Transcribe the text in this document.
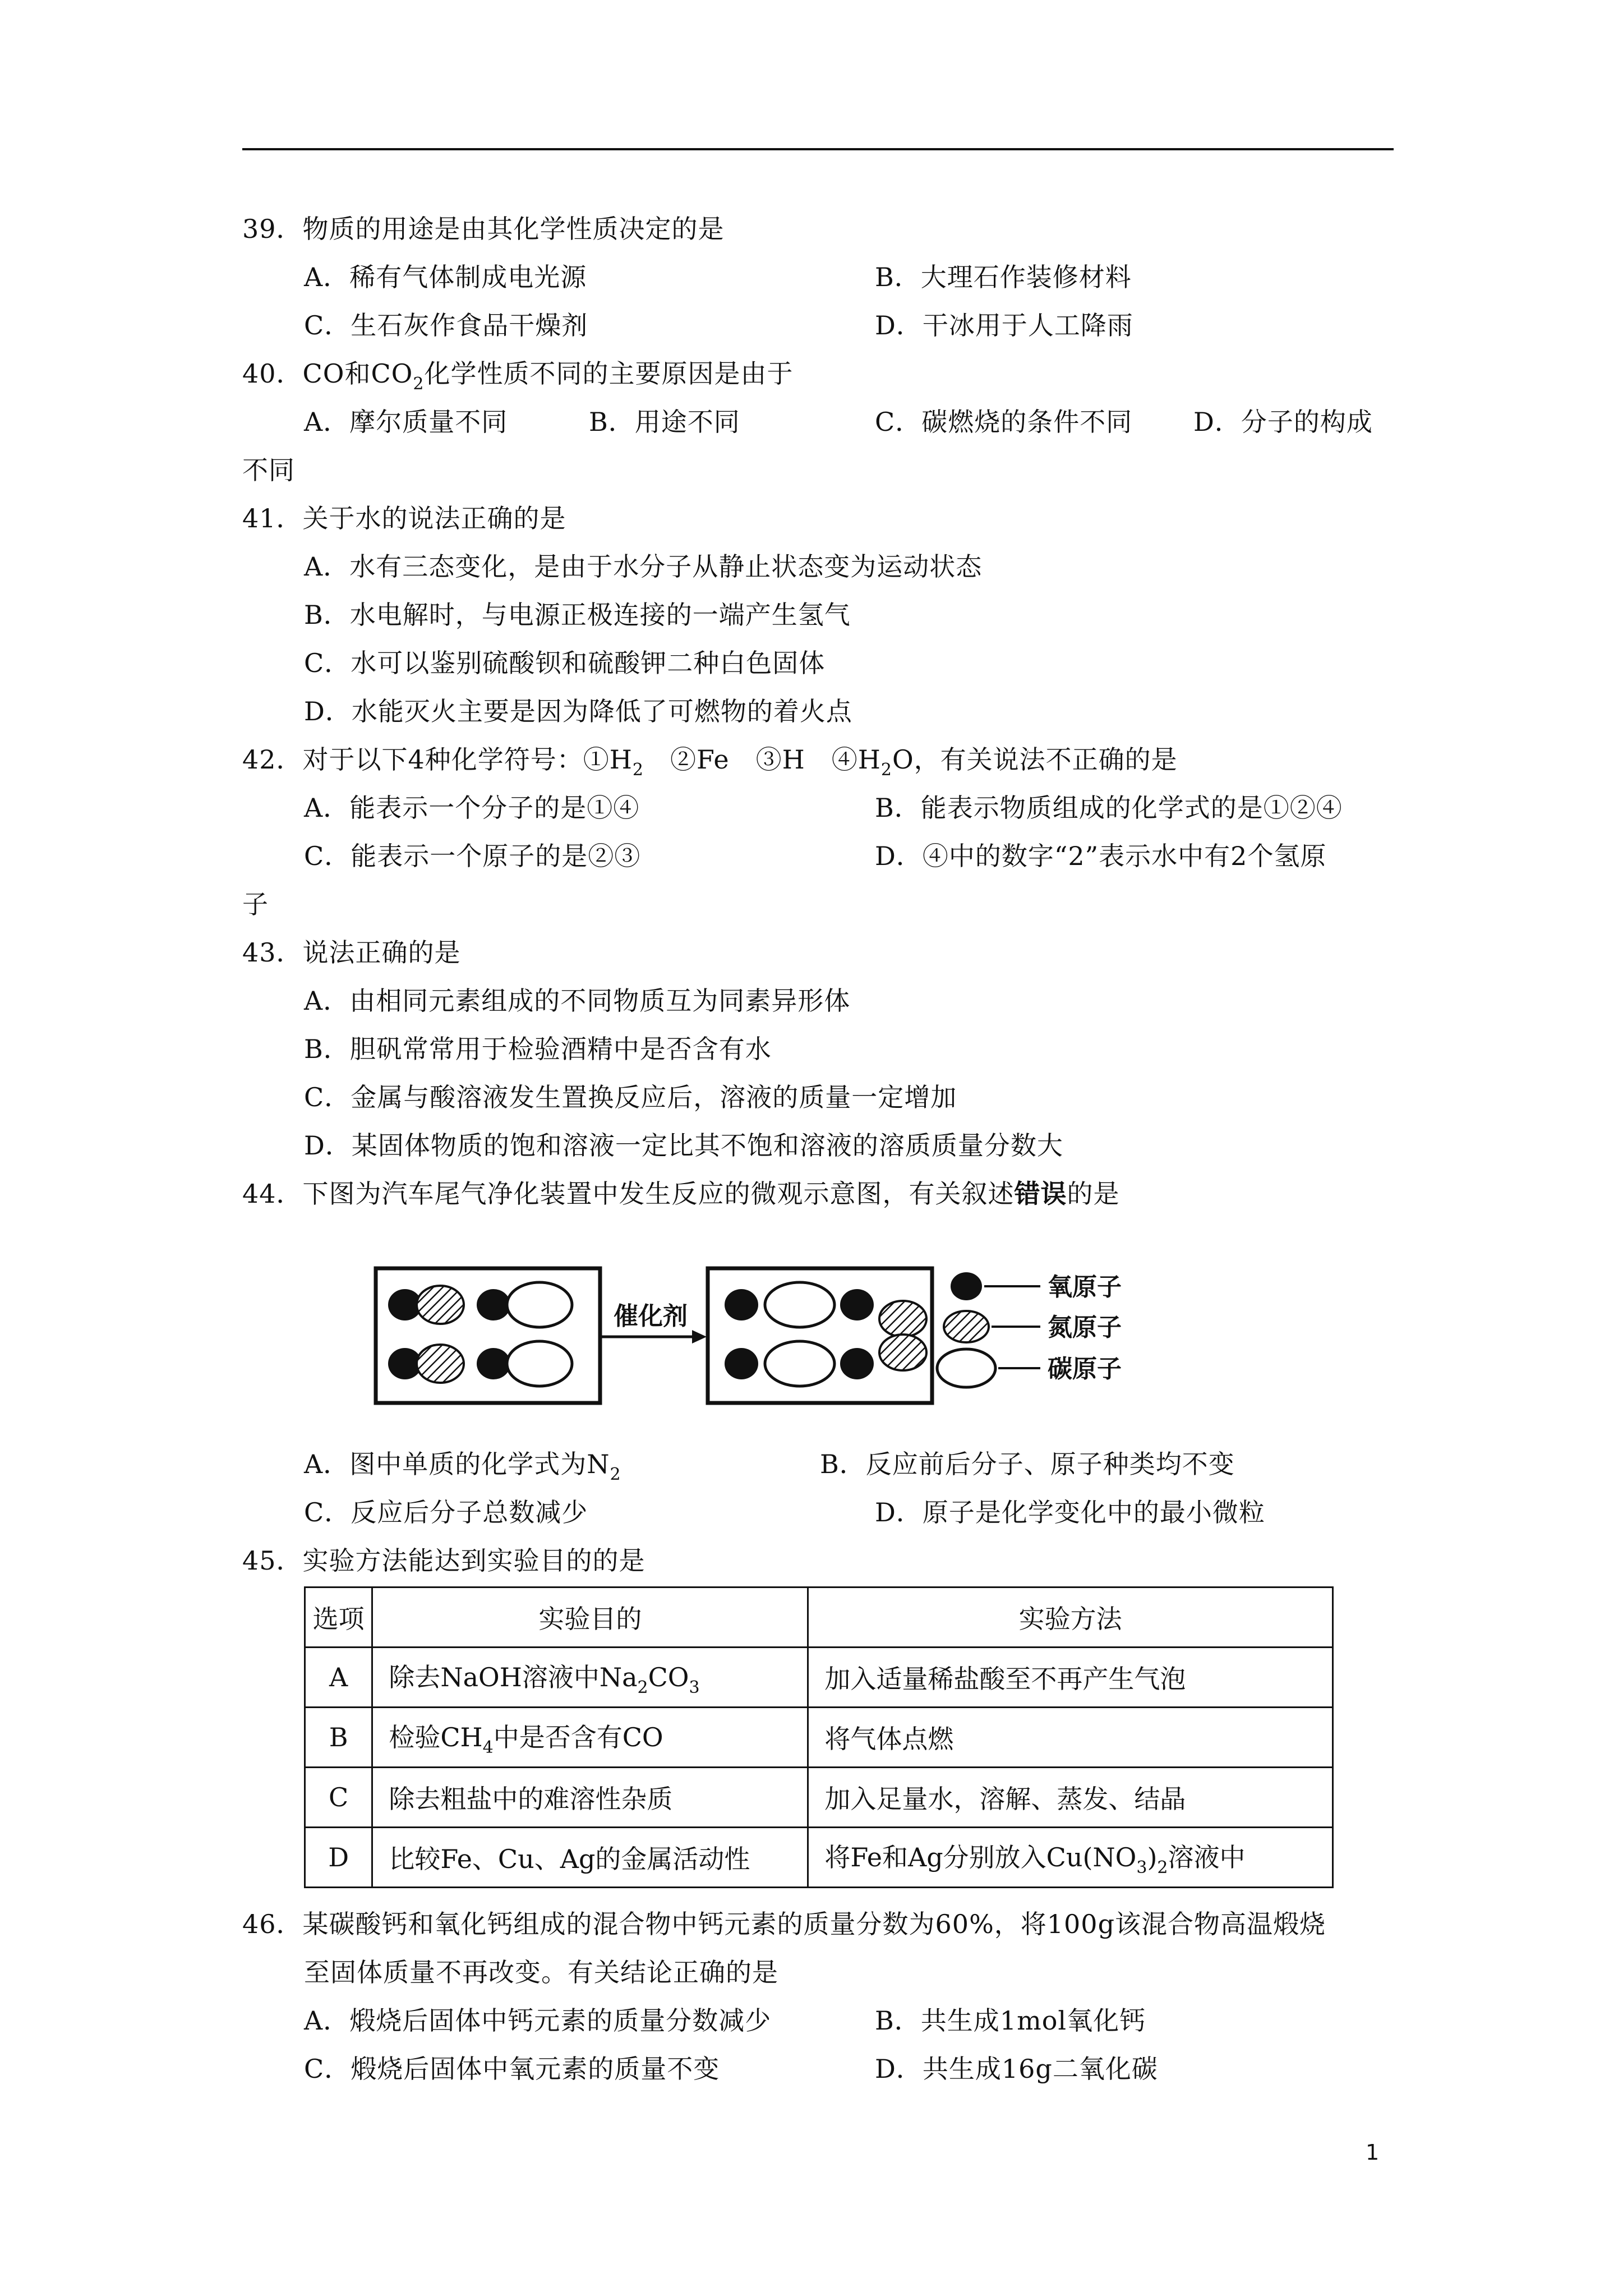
39．物质的用途是由其化学性质决定的是
A．稀有气体制成电光源	B．大理石作装修材料
C．生石灰作食品干燥剂	D．干冰用于人工降雨
40．CO和$CO_2$化学性质不同的主要原因是由于
A．摩尔质量不同	B．用途不同	C．碳燃烧的条件不同 D．分子的构成
不同
41．关于水的说法正确的是
A．水有三态变化，是由于水分子从静止状态变为运动状态
B．水电解时，与电源正极连接的一端产生氢气
C．水可以鉴别硫酸钡和硫酸钾二种白色固体
D．水能灭火主要是因为降低了可燃物的着火点
42．对于以下4种化学符号：$①H_2$　②Fe　③H　$④H_2O$，有关说法不正确的是
A．能表示一个分子的是①④	B．能表示物质组成的化学式的是①②④
C．能表示一个原子的是②③	D．④中的数字“2”表示水中有2个氢原
子
43．说法正确的是
A．由相同元素组成的不同物质互为同素异形体
B．胆矾常常用于检验酒精中是否含有水
C．金属与酸溶液发生置换反应后，溶液的质量一定增加
D．某固体物质的饱和溶液一定比其不饱和溶液的溶质质量分数大
44．下图为汽车尾气净化装置中发生反应的微观示意图，有关叙述错误的是
催化剂
氧原子
氮原子
碳原子
A．图中单质的化学式为$N_2$	B．反应前后分子、原子种类均不变
C．反应后分子总数减少	D．原子是化学变化中的最小微粒
45．实验方法能达到实验目的的是
选项	实验目的	实验方法
A	除去NaOH溶液中$Na_2CO_3$	加入适量稀盐酸至不再产生气泡
B	检验$CH_4$中是否含有CO	将气体点燃
C	除去粗盐中的难溶性杂质	加入足量水，溶解、蒸发、结晶
D	比较Fe、Cu、Ag的金属活动性	将Fe和Ag分别放入$Cu(NO_3)_2$溶液中
46．某碳酸钙和氧化钙组成的混合物中钙元素的质量分数为60%，将100g该混合物高温煅烧
至固体质量不再改变。有关结论正确的是
A．煅烧后固体中钙元素的质量分数减少	B．共生成1mol氧化钙
C．煅烧后固体中氧元素的质量不变	D．共生成16g二氧化碳
1
